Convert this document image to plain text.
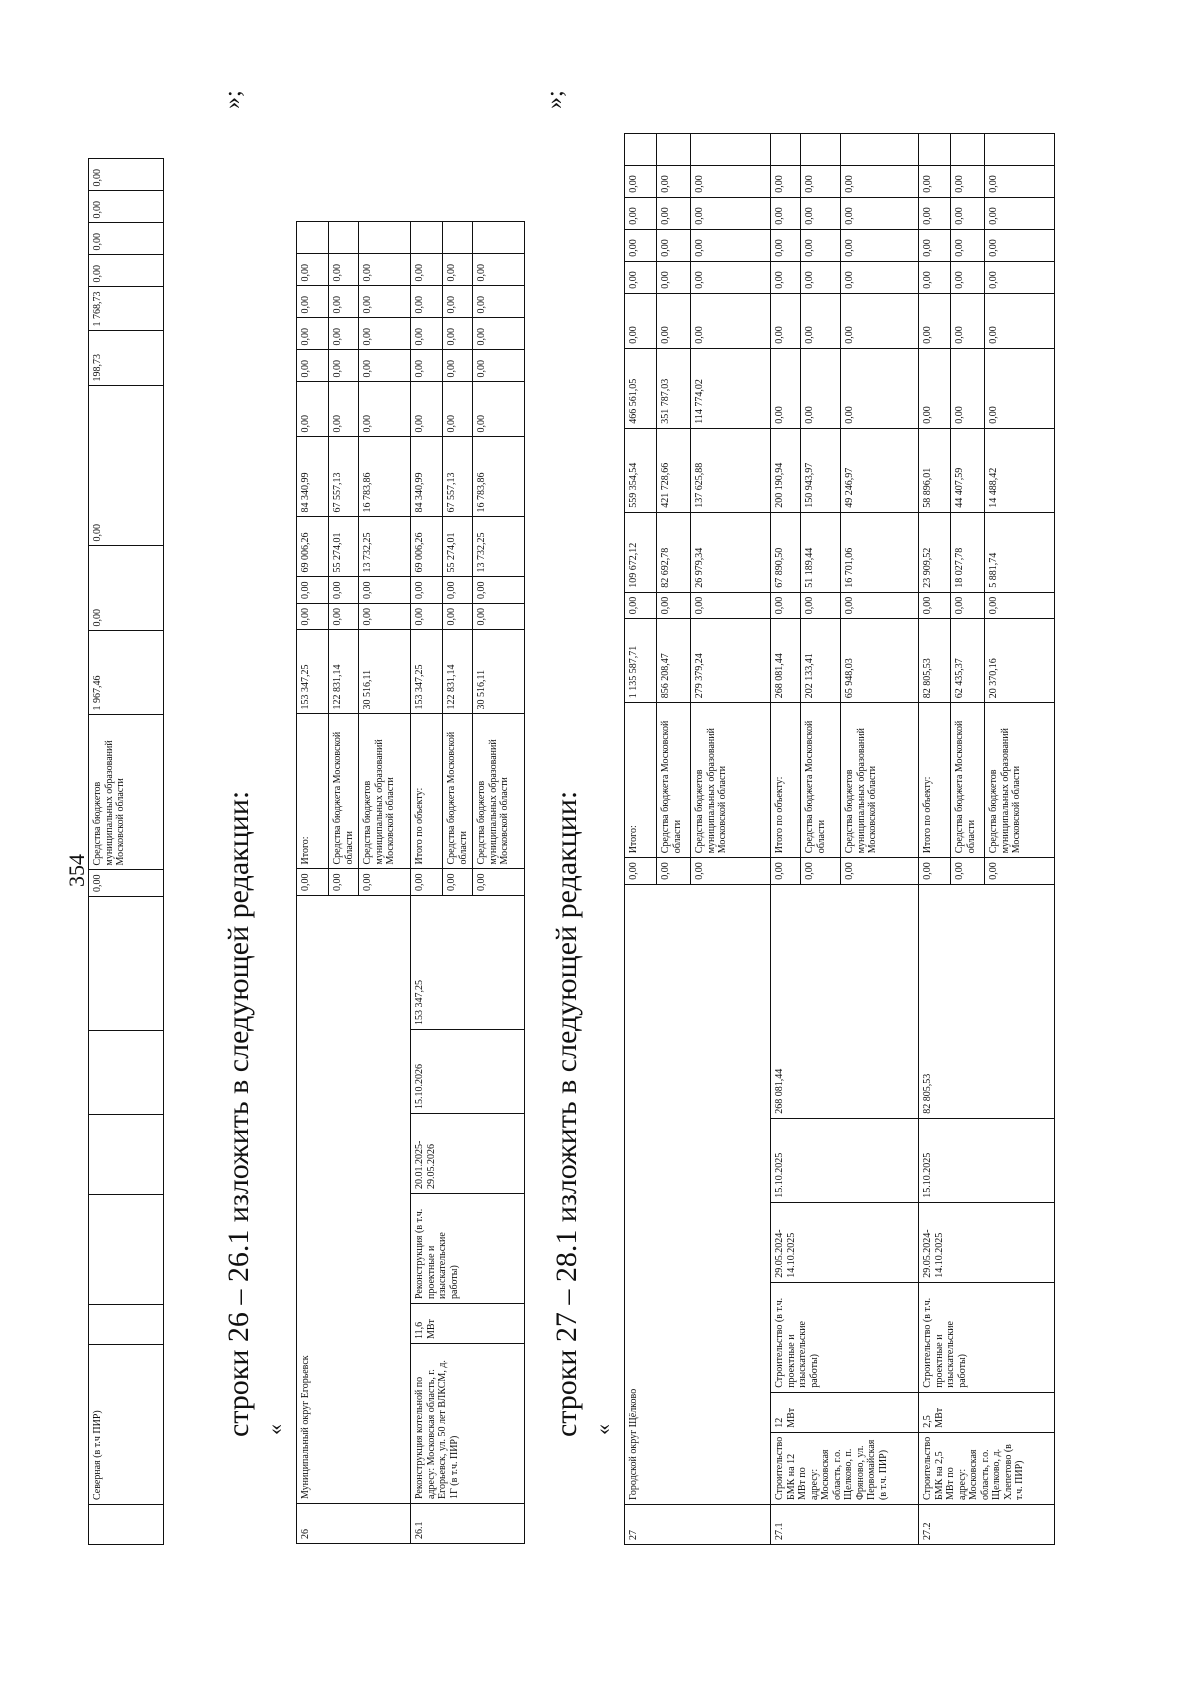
354
	Северная (в т.ч ПИР)						0,00	Средства бюджетов муниципальных образований Московской области	1 967,46	0,00	0,00	198,73	1 768,73	0,00	0,00	0,00	0,00
»;
строки 26 – 26.1 изложить в следующей редакции: «
26	Муниципальный округ Егорьевск						0,00	Итого:	153 347,25	0,00	0,00	69 006,26	84 340,99	0,00	0,00	0,00	0,00	0,00	
							0,00	Средства бюджета Московской области	122 831,14	0,00	0,00	55 274,01	67 557,13	0,00	0,00	0,00	0,00	0,00	
							0,00	Средства бюджетов муниципальных образований Московской области	30 516,11	0,00	0,00	13 732,25	16 783,86	0,00	0,00	0,00	0,00	0,00	
26.1	Реконструкция котельной по адресу: Московская область, г. Егорьевск, ул. 50 лет ВЛКСМ, д. 1Г (в т.ч. ПИР)	11,6 МВт	Реконструкция (в т.ч. проектные и изыскательские работы)	20.01.2025-29.05.2026	15.10.2026	153 347,25	0,00	Итого по объекту:	153 347,25	0,00	0,00	69 006,26	84 340,99	0,00	0,00	0,00	0,00	0,00	
							0,00	Средства бюджета Московской области	122 831,14	0,00	0,00	55 274,01	67 557,13	0,00	0,00	0,00	0,00	0,00	
							0,00	Средства бюджетов муниципальных образований Московской области	30 516,11	0,00	0,00	13 732,25	16 783,86	0,00	0,00	0,00	0,00	0,00	
»;
строки 27 – 28.1 изложить в следующей редакции: «
27	Городской округ Щёлково						0,00	Итого:	1 135 587,71	0,00	109 672,12	559 354,54	466 561,05	0,00	0,00	0,00	0,00	0,00	
							0,00	Средства бюджета Московской области	856 208,47	0,00	82 692,78	421 728,66	351 787,03	0,00	0,00	0,00	0,00	0,00	
							0,00	Средства бюджетов муниципальных образований Московской области	279 379,24	0,00	26 979,34	137 625,88	114 774,02	0,00	0,00	0,00	0,00	0,00	
27.1	Строительство БМК на 12 МВт по адресу: Московская область, г.о. Щелково, п. Фряново, ул. Первомайская (в т.ч. ПИР)	12 МВт	Строительство (в т.ч. проектные и изыскательские работы)	29.05.2024-14.10.2025	15.10.2025	268 081,44	0,00	Итого по объекту:	268 081,44	0,00	67 890,50	200 190,94	0,00	0,00	0,00	0,00	0,00	0,00	
							0,00	Средства бюджета Московской области	202 133,41	0,00	51 189,44	150 943,97	0,00	0,00	0,00	0,00	0,00	0,00	
							0,00	Средства бюджетов муниципальных образований Московской области	65 948,03	0,00	16 701,06	49 246,97	0,00	0,00	0,00	0,00	0,00	0,00	
27.2	Строительство БМК на 2,5 МВт по адресу: Московская область, г.о. Щелково, д. Хлепетово (в т.ч. ПИР)	2,5 МВт	Строительство (в т.ч. проектные и изыскательские работы)	29.05.2024-14.10.2025	15.10.2025	82 805,53	0,00	Итого по объекту:	82 805,53	0,00	23 909,52	58 896,01	0,00	0,00	0,00	0,00	0,00	0,00	
							0,00	Средства бюджета Московской области	62 435,37	0,00	18 027,78	44 407,59	0,00	0,00	0,00	0,00	0,00	0,00	
							0,00	Средства бюджетов муниципальных образований Московской области	20 370,16	0,00	5 881,74	14 488,42	0,00	0,00	0,00	0,00	0,00	0,00	
